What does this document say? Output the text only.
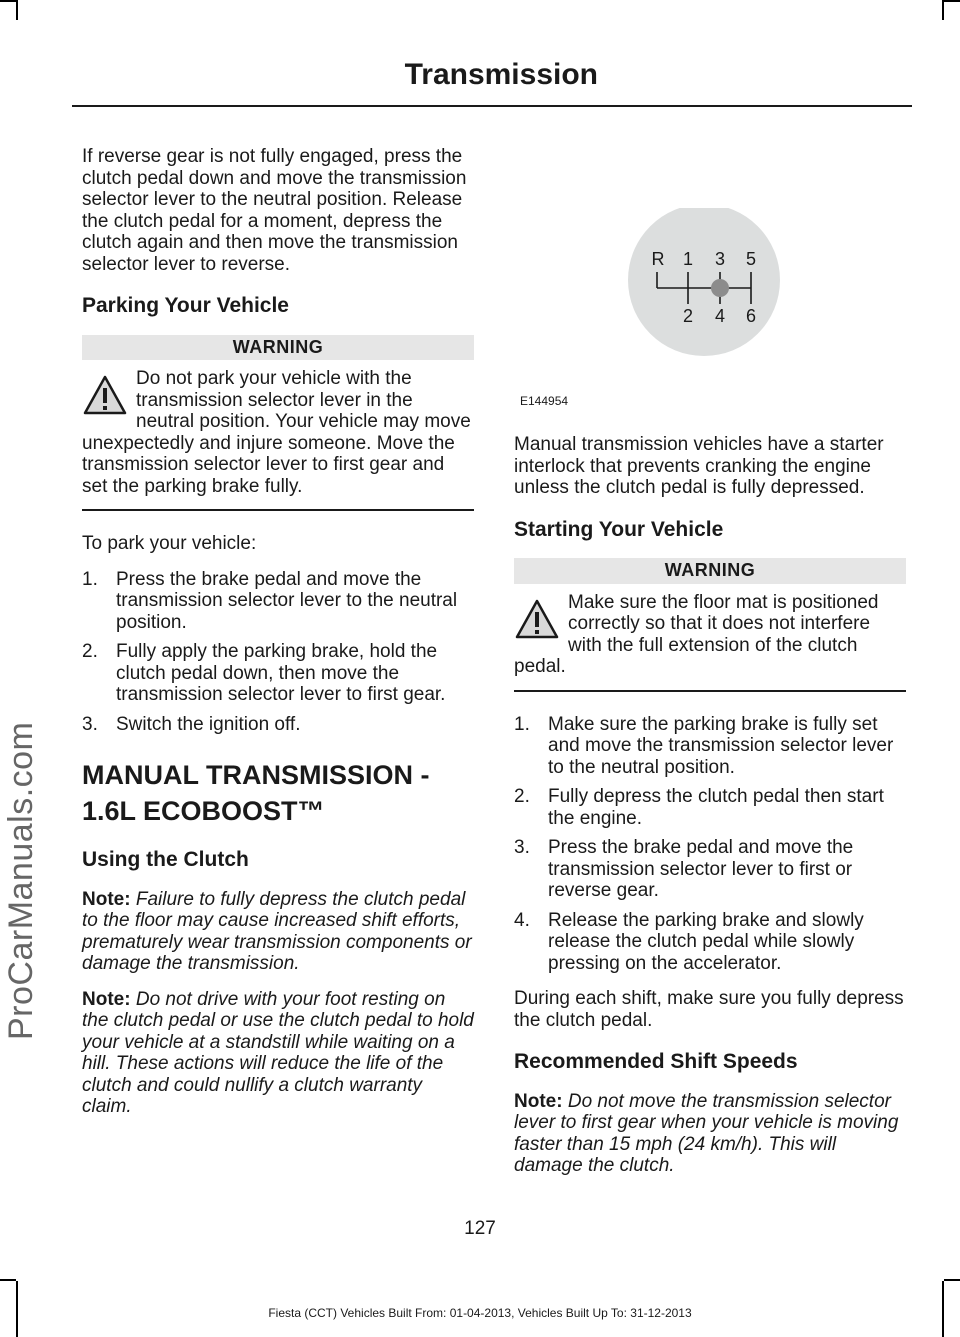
ProCarManuals.com
Transmission

If reverse gear is not fully engaged, press the clutch pedal down and move the transmission selector lever to the neutral position. Release the clutch pedal for a moment, depress the clutch again and then move the transmission selector lever to reverse.

Parking Your Vehicle
WARNING
Do not park your vehicle with the transmission selector lever in the neutral position. Your vehicle may move unexpectedly and injure someone. Move the transmission selector lever to first gear and set the parking brake fully.

To park your vehicle:

1. Press the brake pedal and move the transmission selector lever to the neutral position.
2. Fully apply the parking brake, hold the clutch pedal down, then move the transmission selector lever to first gear.
3. Switch the ignition off.
MANUAL TRANSMISSION - 1.6L ECOBOOST™
Using the Clutch

Note: Failure to fully depress the clutch pedal to the floor may cause increased shift efforts, prematurely wear transmission components or damage the transmission.

Note: Do not drive with your foot resting on the clutch pedal or use the clutch pedal to hold your vehicle at a standstill while waiting on a hill. These actions will reduce the life of the clutch and could nullify a clutch warranty claim.

R 1 3 5
2 4 6
E144954

Manual transmission vehicles have a starter interlock that prevents cranking the engine unless the clutch pedal is fully depressed.

Starting Your Vehicle
WARNING
Make sure the floor mat is positioned correctly so that it does not interfere with the full extension of the clutch pedal.
1. Make sure the parking brake is fully set and move the transmission selector lever to the neutral position.
2. Fully depress the clutch pedal then start the engine.
3. Press the brake pedal and move the transmission selector lever to first or reverse gear.
4. Release the parking brake and slowly release the clutch pedal while slowly pressing on the accelerator.

During each shift, make sure you fully depress the clutch pedal.

Recommended Shift Speeds

Note: Do not move the transmission selector lever to first gear when your vehicle is moving faster than 15 mph (24 km/h). This will damage the clutch.

127
Fiesta (CCT) Vehicles Built From: 01-04-2013, Vehicles Built Up To: 31-12-2013
